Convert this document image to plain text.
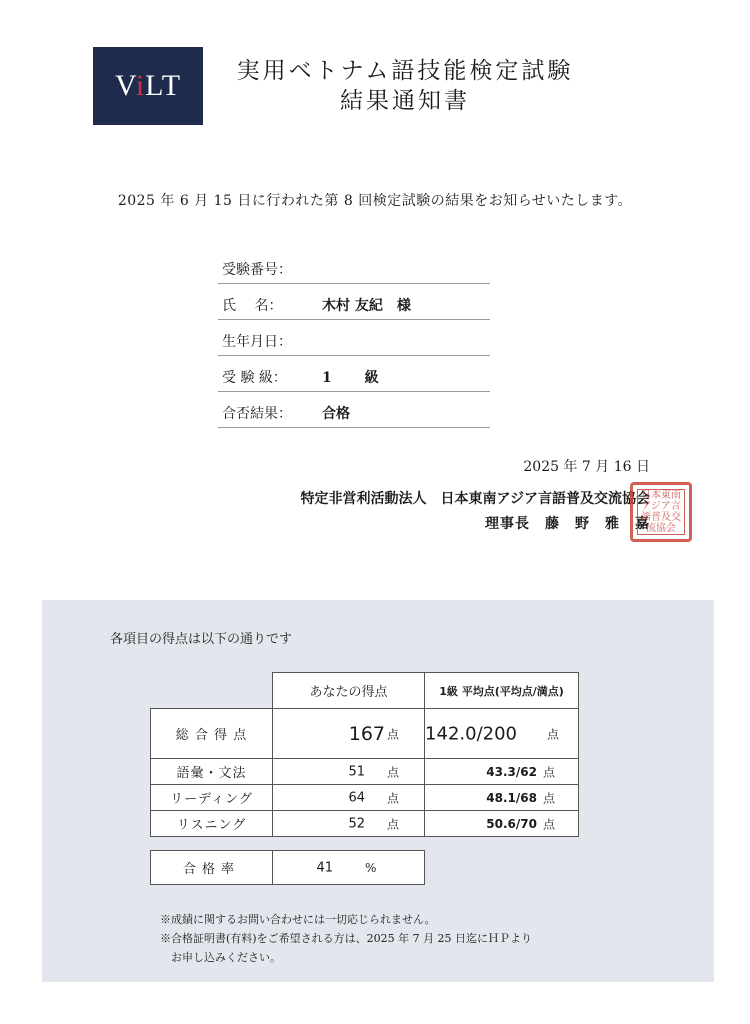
ViLT	実用ベトナム語技能検定試験
結果通知書
2025 年 6 月 15 日に行われた第 8 回検定試験の結果をお知らせいたします。
受験番号：
氏　 名：	木村 友紀　様
生年月日：
受 験 級：	1　　 級
合否結果： 合格
2025 年 7 月 16 日
特定非営利活動法人　日本東南アジア言語普及交流協会
理事長　藤　野　雅　嘉
日本東南アジア言語普及交流協会
各項目の得点は以下の通りです
	あなたの得点	1級 平均点(平均点/満点)
総 合 得 点	167 点	142.0/200 点

語彙・文法	51 点	43.3/62 点

リーディング	64 点	48.1/68 点

リスニング	52 点	50.6/70 点
合格率	41	%
※成績に関するお問い合わせには一切応じられません。
※合格証明書(有料)をご希望される方は、2025 年 7 月 25 日迄にＨＰより
　お申し込みください。
